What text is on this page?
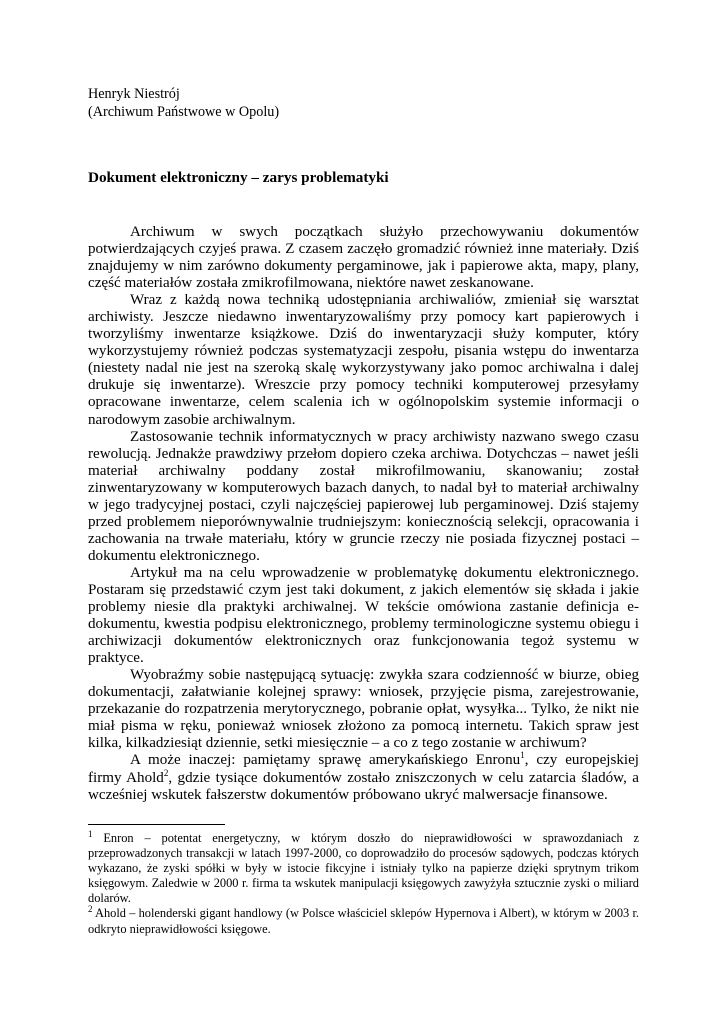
Henryk Niestrój
(Archiwum Państwowe w Opolu)
Dokument elektroniczny – zarys problematyki

Archiwum w swych początkach służyło przechowywaniu dokumentów potwierdzających czyjeś prawa. Z czasem zaczęło gromadzić również inne materiały. Dziś znajdujemy w nim zarówno dokumenty pergaminowe, jak i papierowe akta, mapy, plany, część materiałów została zmikrofilmowana, niektóre nawet zeskanowane.

Wraz z każdą nowa techniką udostępniania archiwaliów, zmieniał się warsztat archiwisty. Jeszcze niedawno inwentaryzowaliśmy przy pomocy kart papierowych i tworzyliśmy inwentarze książkowe. Dziś do inwentaryzacji służy komputer, który wykorzystujemy również podczas systematyzacji zespołu, pisania wstępu do inwentarza (niestety nadal nie jest na szeroką skalę wykorzystywany jako pomoc archiwalna i dalej drukuje się inwentarze). Wreszcie przy pomocy techniki komputerowej przesyłamy opracowane inwentarze, celem scalenia ich w ogólnopolskim systemie informacji o narodowym zasobie archiwalnym.

Zastosowanie technik informatycznych w pracy archiwisty nazwano swego czasu rewolucją. Jednakże prawdziwy przełom dopiero czeka archiwa. Dotychczas – nawet jeśli materiał archiwalny poddany został mikrofilmowaniu, skanowaniu; został zinwentaryzowany w komputerowych bazach danych, to nadal był to materiał archiwalny w jego tradycyjnej postaci, czyli najczęściej papierowej lub pergaminowej. Dziś stajemy przed problemem nieporównywalnie trudniejszym: koniecznością selekcji, opracowania i zachowania na trwałe materiału, który w gruncie rzeczy nie posiada fizycznej postaci – dokumentu elektronicznego.

Artykuł ma na celu wprowadzenie w problematykę dokumentu elektronicznego. Postaram się przedstawić czym jest taki dokument, z jakich elementów się składa i jakie problemy niesie dla praktyki archiwalnej. W tekście omówiona zastanie definicja e-dokumentu, kwestia podpisu elektronicznego, problemy terminologiczne systemu obiegu i archiwizacji dokumentów elektronicznych oraz funkcjonowania tegoż systemu w praktyce.

Wyobraźmy sobie następującą sytuację: zwykła szara codzienność w biurze, obieg dokumentacji, załatwianie kolejnej sprawy: wniosek, przyjęcie pisma, zarejestrowanie, przekazanie do rozpatrzenia merytorycznego, pobranie opłat, wysyłka... Tylko, że nikt nie miał pisma w ręku, ponieważ wniosek złożono za pomocą internetu. Takich spraw jest kilka, kilkadziesiąt dziennie, setki miesięcznie – a co z tego zostanie w archiwum?

A może inaczej: pamiętamy sprawę amerykańskiego Enronu$^1$, czy europejskiej firmy Ahold$^2$, gdzie tysiące dokumentów zostało zniszczonych w celu zatarcia śladów, a wcześniej wskutek fałszerstw dokumentów próbowano ukryć malwersacje finansowe.

$^1$ Enron – potentat energetyczny, w którym doszło do nieprawidłowości w sprawozdaniach z przeprowadzonych transakcji w latach 1997-2000, co doprowadziło do procesów sądowych, podczas których wykazano, że zyski spółki w były w istocie fikcyjne i istniały tylko na papierze dzięki sprytnym trikom księgowym. Zaledwie w 2000 r. firma ta wskutek manipulacji księgowych zawyżyła sztucznie zyski o miliard dolarów.

$^2$ Ahold – holenderski gigant handlowy (w Polsce właściciel sklepów Hypernova i Albert), w którym w 2003 r. odkryto nieprawidłowości księgowe.
